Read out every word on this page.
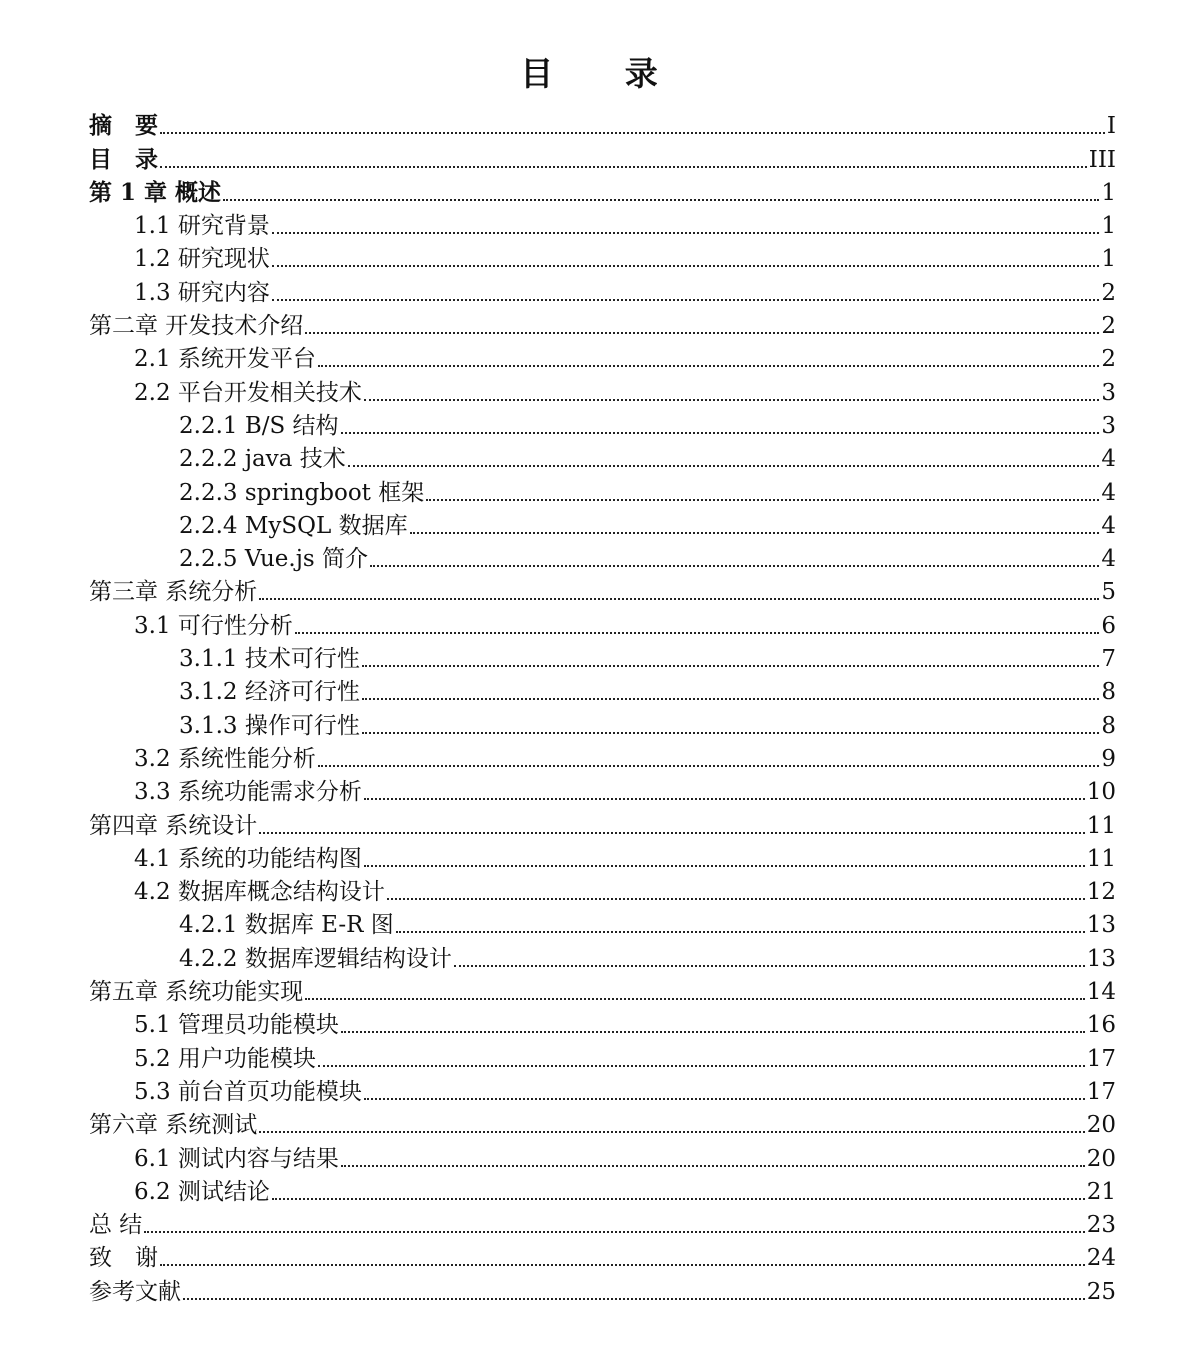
目 录
摘　要	I
目　录	III
第 1 章 概述	1
1.1 研究背景	1
1.2 研究现状	1
1.3 研究内容	2
第二章 开发技术介绍	2
2.1 系统开发平台	2
2.2 平台开发相关技术	3
2.2.1 B/S 结构	3
2.2.2 java 技术	4
2.2.3 springboot 框架	4
2.2.4 MySQL 数据库	4
2.2.5 Vue.js 简介	4
第三章 系统分析	5
3.1 可行性分析	6
3.1.1 技术可行性	7
3.1.2 经济可行性	8
3.1.3 操作可行性	8
3.2 系统性能分析	9
3.3 系统功能需求分析	10
第四章 系统设计	11
4.1 系统的功能结构图	11
4.2 数据库概念结构设计	12
4.2.1 数据库 E-R 图	13
4.2.2 数据库逻辑结构设计	13
第五章 系统功能实现	14
5.1 管理员功能模块	16
5.2 用户功能模块	17
5.3 前台首页功能模块	17
第六章 系统测试	20
6.1 测试内容与结果	20
6.2 测试结论	21
总 结	23
致　谢	24
参考文献	25
